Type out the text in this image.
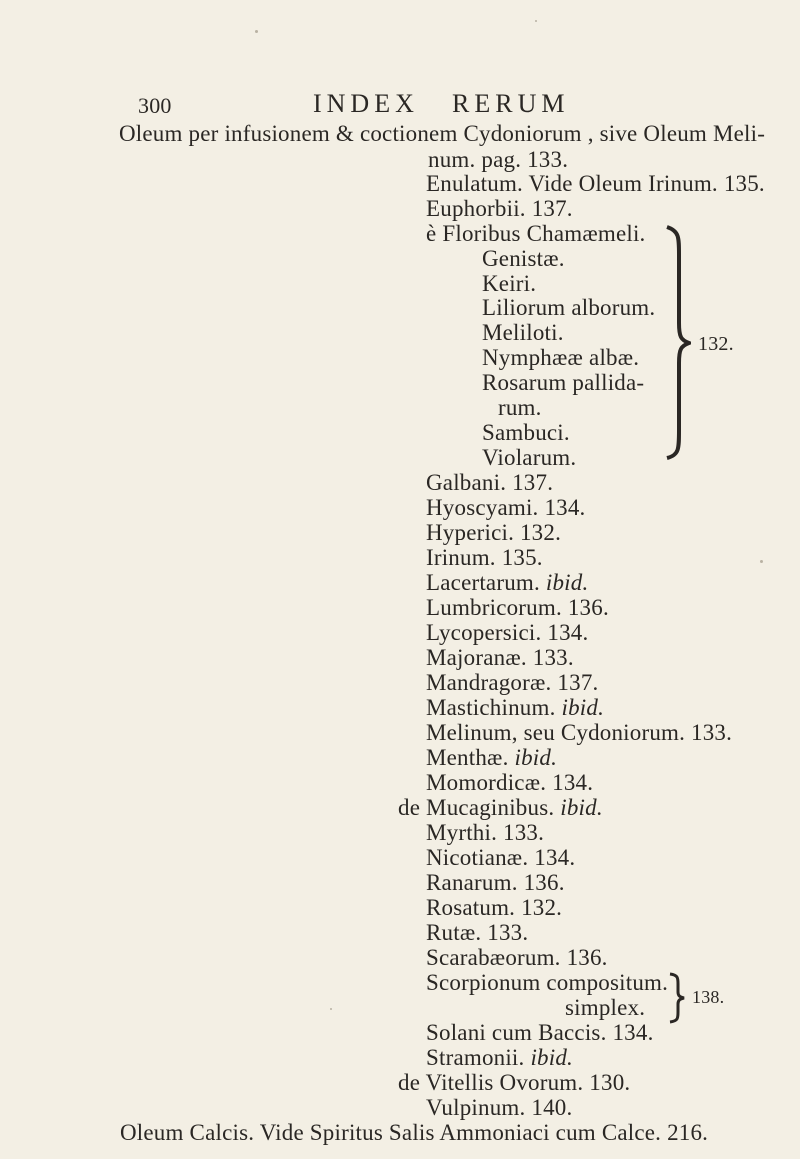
300	INDEX RERUM
Oleum per infusionem & coctionem Cydoniorum , sive Oleum Meli-
num. pag. 133.
Enulatum. Vide Oleum Irinum. 135.
Euphorbii. 137.
è Floribus Chamæmeli.
Genistæ.
Keiri.
Liliorum alborum.
Meliloti.
Nymphææ albæ.
Rosarum pallida-
rum.
Sambuci.
Violarum.
132.
Galbani. 137.
Hyoscyami. 134.
Hyperici. 132.
Irinum. 135.
Lacertarum. ibid.
Lumbricorum. 136.
Lycopersici. 134.
Majoranæ. 133.
Mandragoræ. 137.
Mastichinum. ibid.
Melinum, seu Cydoniorum. 133.
Menthæ. ibid.
Momordicæ. 134.
de Mucaginibus. ibid.
Myrthi. 133.
Nicotianæ. 134.
Ranarum. 136.
Rosatum. 132.
Rutæ. 133.
Scarabæorum. 136.
Scorpionum compositum.
simplex.	138.
Solani cum Baccis. 134.
Stramonii. ibid.
de Vitellis Ovorum. 130.
Vulpinum. 140.
Oleum Calcis. Vide Spiritus Salis Ammoniaci cum Calce. 216.
